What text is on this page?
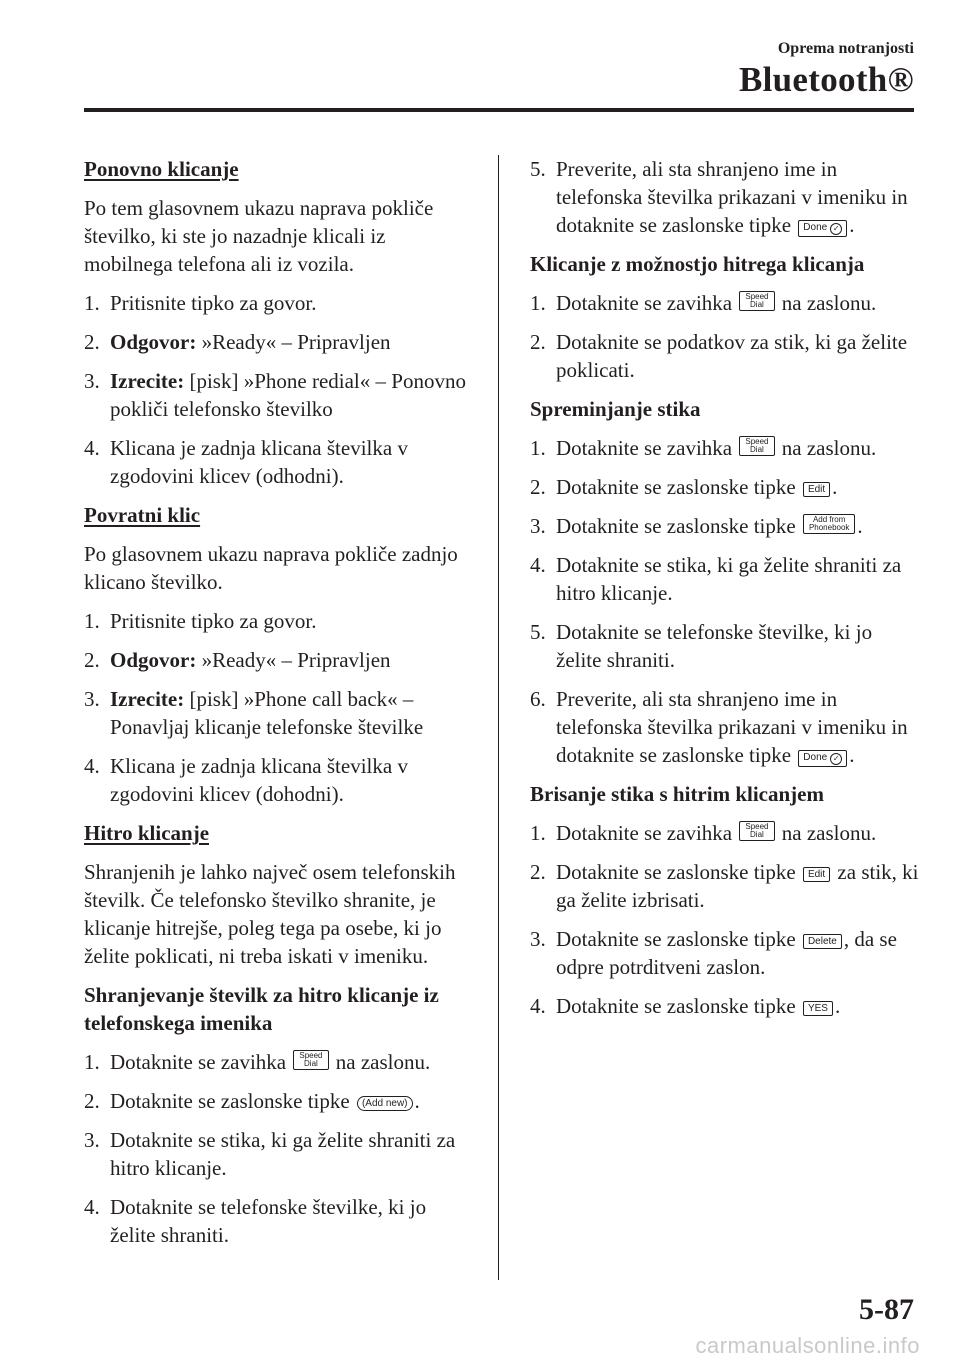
Oprema notranjosti
Bluetooth®
Ponovno klicanje

Po tem glasovnem ukazu naprava pokliče številko, ki ste jo nazadnje klicali iz mobilnega telefona ali iz vozila.

1. Pritisnite tipko za govor.
2. Odgovor: »Ready« – Pripravljen
3. Izrecite: [pisk] »Phone redial« – Ponovno pokliči telefonsko številko
4. Klicana je zadnja klicana številka v zgodovini klicev (odhodni).
Povratni klic

Po glasovnem ukazu naprava pokliče zadnjo klicano številko.

1. Pritisnite tipko za govor.
2. Odgovor: »Ready« – Pripravljen
3. Izrecite: [pisk] »Phone call back« – Ponavljaj klicanje telefonske številke
4. Klicana je zadnja klicana številka v zgodovini klicev (dohodni).
Hitro klicanje

Shranjenih je lahko največ osem telefonskih številk. Če telefonsko številko shranite, je klicanje hitrejše, poleg tega pa osebe, ki jo želite poklicati, ni treba iskati v imeniku.

Shranjevanje številk za hitro klicanje iz telefonskega imenika
1. Dotaknite se zavihka Speed
Dial na zaslonu.
2. Dotaknite se zaslonske tipke (Add new) .
3. Dotaknite se stika, ki ga želite shraniti za hitro klicanje.
4. Dotaknite se telefonske številke, ki jo želite shraniti.
5. Preverite, ali sta shranjeno ime in telefonska številka prikazani v imeniku in dotaknite se zaslonske tipke Done ✓ .
Klicanje z možnostjo hitrega klicanja
1. Dotaknite se zavihka Speed
Dial na zaslonu.
2. Dotaknite se podatkov za stik, ki ga želite poklicati.
Spreminjanje stika
1. Dotaknite se zavihka Speed
Dial na zaslonu.
2. Dotaknite se zaslonske tipke Edit .
3. Dotaknite se zaslonske tipke	Add from
Phonebook .
4. Dotaknite se stika, ki ga želite shraniti za hitro klicanje.
5. Dotaknite se telefonske številke, ki jo želite shraniti.
6. Preverite, ali sta shranjeno ime in telefonska številka prikazani v imeniku in dotaknite se zaslonske tipke Done ✓ .
Brisanje stika s hitrim klicanjem
1. Dotaknite se zavihka Speed
Dial na zaslonu.
2. Dotaknite se zaslonske tipke Edit za stik, ki ga želite izbrisati.
3. Dotaknite se zaslonske tipke Delete , da se odpre potrditveni zaslon.
4. Dotaknite se zaslonske tipke YES .
5-87
carmanualsonline.info
